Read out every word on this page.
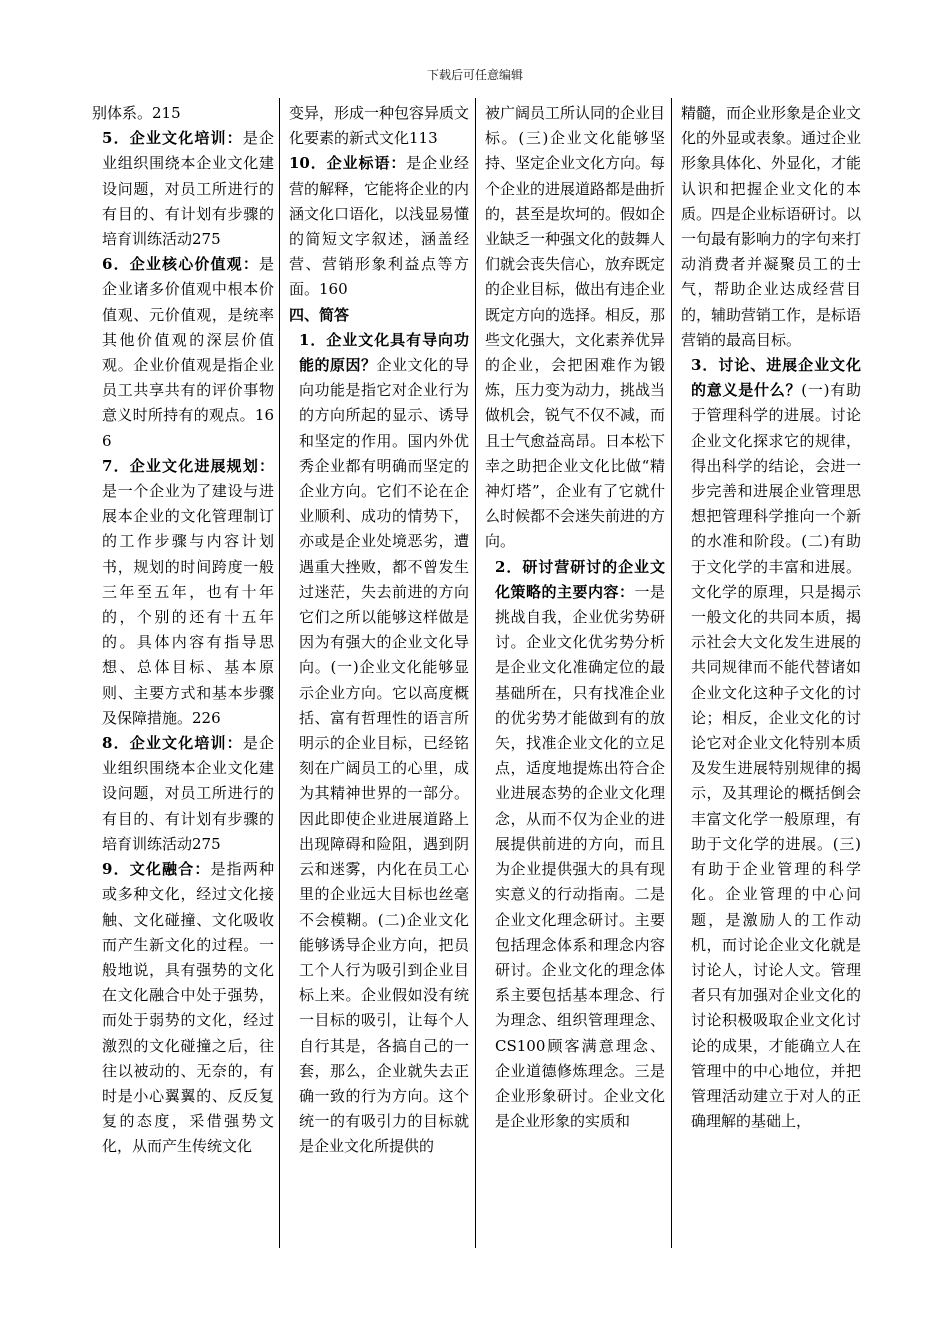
下载后可任意编辑

别体系。215

5．企业文化培训：是企业组织围绕本企业文化建设问题，对员工所进行的有目的、有计划有步骤的培育训练活动275

6．企业核心价值观：是企业诸多价值观中根本价值观、元价值观，是统率其他价值观的深层价值观。企业价值观是指企业员工共享共有的评价事物意义时所持有的观点。166

7．企业文化进展规划：是一个企业为了建设与进展本企业的文化管理制订的工作步骤与内容计划书，规划的时间跨度一般三年至五年，也有十年的，个别的还有十五年的。具体内容有指导思想、总体目标、基本原则、主要方式和基本步骤及保障措施。226

8．企业文化培训：是企业组织围绕本企业文化建设问题，对员工所进行的有目的、有计划有步骤的培育训练活动275

9．文化融合：是指两种或多种文化，经过文化接触、文化碰撞、文化吸收而产生新文化的过程。一般地说，具有强势的文化在文化融合中处于强势，而处于弱势的文化，经过激烈的文化碰撞之后，往往以被动的、无奈的，有时是小心翼翼的、反反复复的态度，采借强势文化，从而产生传统文化

变异，形成一种包容异质文化要素的新式文化113

10．企业标语：是企业经营的解释，它能将企业的内涵文化口语化，以浅显易懂的简短文字叙述，涵盖经营、营销形象利益点等方面。160

四、简答

1．企业文化具有导向功能的原因？企业文化的导向功能是指它对企业行为的方向所起的显示、诱导和坚定的作用。国内外优秀企业都有明确而坚定的企业方向。它们不论在企业顺利、成功的情势下，亦或是企业处境恶劣，遭遇重大挫败，都不曾发生过迷茫，失去前进的方向它们之所以能够这样做是因为有强大的企业文化导向。(一)企业文化能够显示企业方向。它以高度概括、富有哲理性的语言所明示的企业目标，已经铭刻在广阔员工的心里，成为其精神世界的一部分。因此即使企业进展道路上出现障碍和险阻，遇到阴云和迷雾，内化在员工心里的企业远大目标也丝毫不会模糊。(二)企业文化能够诱导企业方向，把员工个人行为吸引到企业目标上来。企业假如没有统一目标的吸引，让每个人自行其是，各搞自己的一套，那么，企业就失去正确一致的行为方向。这个统一的有吸引力的目标就是企业文化所提供的

被广阔员工所认同的企业目标。(三)企业文化能够坚持、坚定企业文化方向。每个企业的进展道路都是曲折的，甚至是坎坷的。假如企业缺乏一种强文化的鼓舞人们就会丧失信心，放弃既定的企业目标，做出有违企业既定方向的选择。相反，那些文化强大，文化素养优异的企业，会把困难作为锻炼，压力变为动力，挑战当做机会，锐气不仅不减，而且士气愈益高昂。日本松下幸之助把企业文化比做“精神灯塔”，企业有了它就什么时候都不会迷失前进的方向。

2．研讨营研讨的企业文化策略的主要内容：一是挑战自我，企业优劣势研讨。企业文化优劣势分析是企业文化准确定位的最基础所在，只有找准企业的优劣势才能做到有的放矢，找准企业文化的立足点，适度地提炼出符合企业进展态势的企业文化理念，从而不仅为企业的进展提供前进的方向，而且为企业提供强大的具有现实意义的行动指南。二是企业文化理念研讨。主要包括理念体系和理念内容研讨。企业文化的理念体系主要包括基本理念、行为理念、组织管理理念、CS100顾客满意理念、企业道德修炼理念。三是企业形象研讨。企业文化是企业形象的实质和

精髓，而企业形象是企业文化的外显或表象。通过企业形象具体化、外显化，才能认识和把握企业文化的本质。四是企业标语研讨。以一句最有影响力的字句来打动消费者并凝聚员工的士气，帮助企业达成经营目的，辅助营销工作，是标语营销的最高目标。

3．讨论、进展企业文化的意义是什么？(一)有助于管理科学的进展。讨论企业文化探求它的规律，得出科学的结论，会进一步完善和进展企业管理思想把管理科学推向一个新的水准和阶段。(二)有助于文化学的丰富和进展。文化学的原理，只是揭示一般文化的共同本质，揭示社会大文化发生进展的共同规律而不能代替诸如企业文化这种子文化的讨论；相反，企业文化的讨论它对企业文化特别本质及发生进展特别规律的揭示，及其理论的概括倒会丰富文化学一般原理，有助于文化学的进展。(三)有助于企业管理的科学化。企业管理的中心问题，是激励人的工作动机，而讨论企业文化就是讨论人，讨论人文。管理者只有加强对企业文化的讨论积极吸取企业文化讨论的成果，才能确立人在管理中的中心地位，并把管理活动建立于对人的正确理解的基础上，
